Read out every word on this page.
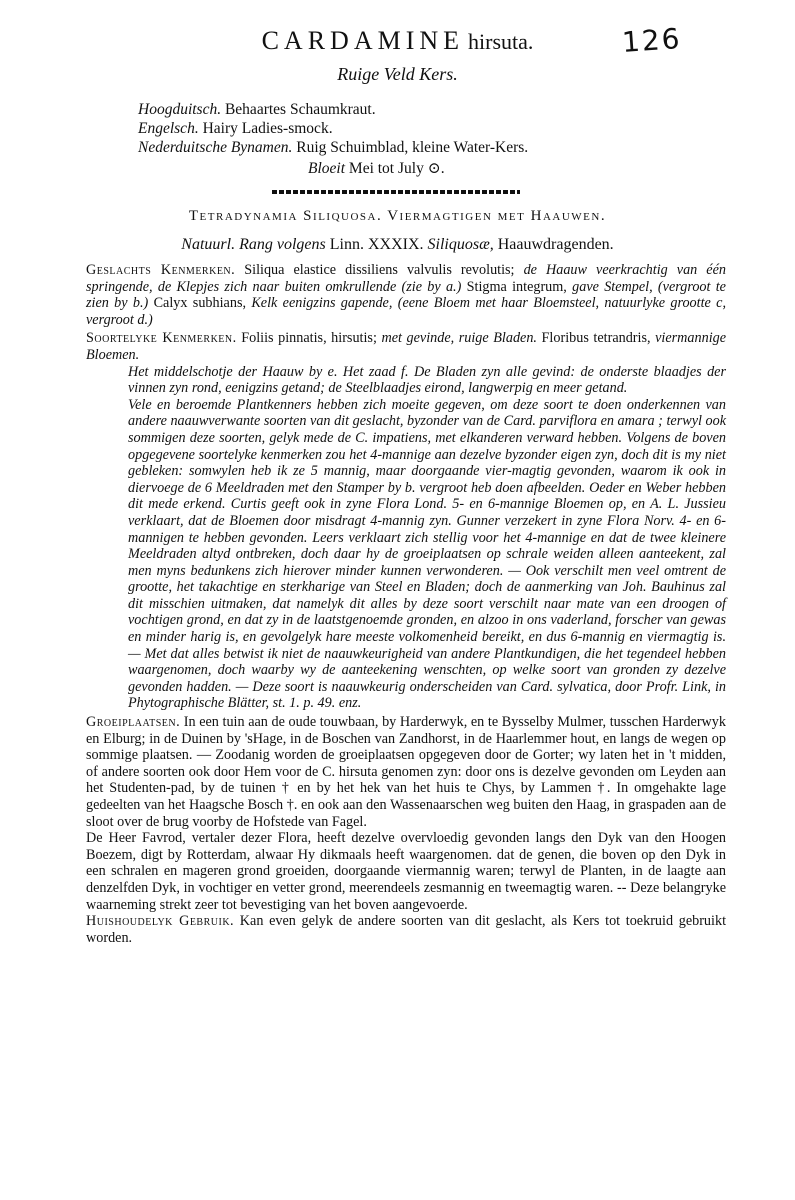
CARDAMINE hirsuta.	126
Ruige Veld Kers.
Hoogduitsch. Behaartes Schaumkraut.
Engelsch. Hairy Ladies-smock.
Nederduitsche Bynamen. Ruig Schuimblad, kleine Water-Kers.
Bloeit Mei tot July ⊙.
Tetradynamia Siliquosa. Viermagtigen met Haauwen.
Natuurl. Rang volgens Linn. XXXIX. Siliquosæ, Haauwdragenden.

Geslachts Kenmerken. Siliqua elastice dissiliens valvulis revolutis; de Haauw veerkrachtig van één springende, de Klepjes zich naar buiten omkrullende (zie by a.) Stigma integrum, gave Stempel, (vergroot te zien by b.) Calyx subhians, Kelk eenigzins gapende, (eene Bloem met haar Bloemsteel, natuurlyke grootte c, vergroot d.)

Soortelyke Kenmerken. Foliis pinnatis, hirsutis; met gevinde, ruige Bladen. Floribus tetrandris, viermannige Bloemen.

Het middelschotje der Haauw by e. Het zaad f. De Bladen zyn alle gevind: de onderste blaadjes der vinnen zyn rond, eenigzins getand; de Steelblaadjes eirond, langwerpig en meer getand.

Vele en beroemde Plantkenners hebben zich moeite gegeven, om deze soort te doen onderkennen van andere naauwverwante soorten van dit geslacht, byzonder van de Card. parviflora en amara ; terwyl ook sommigen deze soorten, gelyk mede de C. impatiens, met elkanderen verward hebben. Volgens de boven opgegevene soortelyke kenmerken zou het 4-mannige aan dezelve byzonder eigen zyn, doch dit is my niet gebleken: somwylen heb ik ze 5 mannig, maar doorgaande vier-magtig gevonden, waarom ik ook in diervoege de 6 Meeldraden met den Stamper by b. vergroot heb doen afbeelden. Oeder en Weber hebben dit mede erkend. Curtis geeft ook in zyne Flora Lond. 5- en 6-mannige Bloemen op, en A. L. Jussieu verklaart, dat de Bloemen door misdragt 4-mannig zyn. Gunner verzekert in zyne Flora Norv. 4- en 6-mannigen te hebben gevonden. Leers verklaart zich stellig voor het 4-mannige en dat de twee kleinere Meeldraden altyd ontbreken, doch daar hy de groeiplaatsen op schrale weiden alleen aanteekent, zal men myns bedunkens zich hierover minder kunnen verwonderen. — Ook verschilt men veel omtrent de grootte, het takachtige en sterkharige van Steel en Bladen; doch de aanmerking van Joh. Bauhinus zal dit misschien uitmaken, dat namelyk dit alles by deze soort verschilt naar mate van een droogen of vochtigen grond, en dat zy in de laatstgenoemde gronden, en alzoo in ons vaderland, forscher van gewas en minder harig is, en gevolgelyk hare meeste volkomenheid bereikt, en dus 6-mannig en viermagtig is. — Met dat alles betwist ik niet de naauwkeurigheid van andere Plantkundigen, die het tegendeel hebben waargenomen, doch waarby wy de aanteekening wenschten, op welke soort van gronden zy dezelve gevonden hadden. — Deze soort is naauwkeurig onderscheiden van Card. sylvatica, door Profr. Link, in Phytographische Blätter, st. 1. p. 49. enz.

Groeiplaatsen. In een tuin aan de oude touwbaan, by Harderwyk, en te Bysselby Mulmer, tusschen Harderwyk en Elburg; in de Duinen by 'sHage, in de Boschen van Zandhorst, in de Haarlemmer hout, en langs de wegen op sommige plaatsen. — Zoodanig worden de groeiplaatsen opgegeven door de Gorter; wy laten het in 't midden, of andere soorten ook door Hem voor de C. hirsuta genomen zyn: door ons is dezelve gevonden om Leyden aan het Studenten-pad, by de tuinen † en by het hek van het huis te Chys, by Lammen †. In omgehakte lage gedeelten van het Haagsche Bosch †. en ook aan den Wassenaarschen weg buiten den Haag, in graspaden aan de sloot over de brug voorby de Hofstede van Fagel.

De Heer Favrod, vertaler dezer Flora, heeft dezelve overvloedig gevonden langs den Dyk van den Hoogen Boezem, digt by Rotterdam, alwaar Hy dikmaals heeft waargenomen. dat de genen, die boven op den Dyk in een schralen en mageren grond groeiden, doorgaande viermannig waren; terwyl de Planten, in de laagte aan denzelfden Dyk, in vochtiger en vetter grond, meerendeels zesmannig en tweemagtig waren. -- Deze belangryke waarneming strekt zeer tot bevestiging van het boven aangevoerde.

Huishoudelyk Gebruik. Kan even gelyk de andere soorten van dit geslacht, als Kers tot toekruid gebruikt worden.
